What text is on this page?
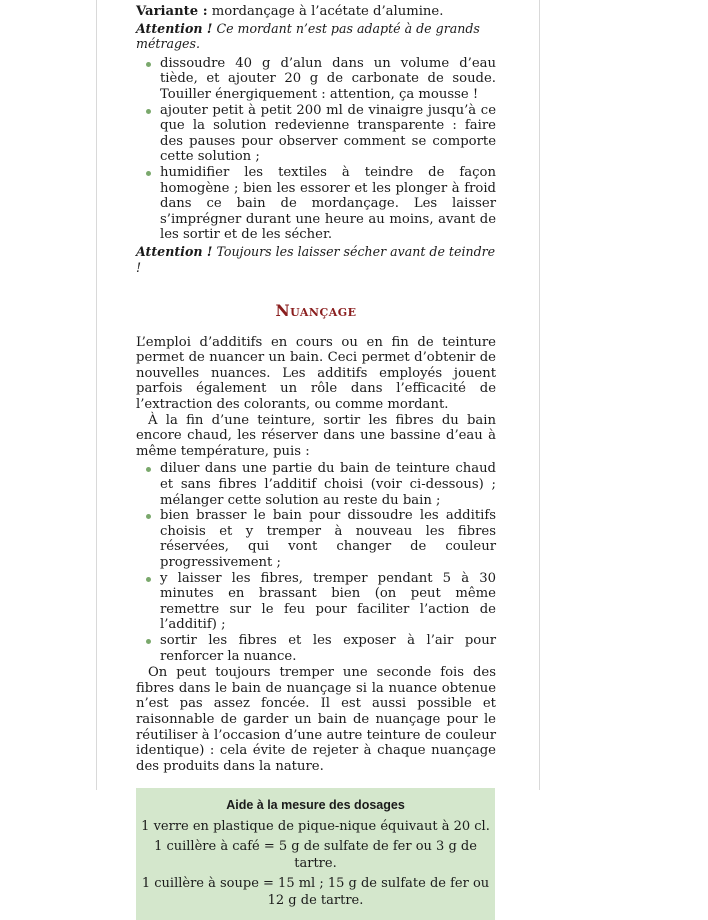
Variante : mordançage à l’acétate d’alumine.

Attention ! Ce mordant n’est pas adapté à de grands métrages.

dissoudre 40 g d’alun dans un volume d’eau tiède, et ajouter 20 g de carbonate de soude. Touiller énergiquement : attention, ça mousse !
ajouter petit à petit 200 ml de vinaigre jusqu’à ce que la solution redevienne transparente : faire des pauses pour observer comment se comporte cette solution ;
humidifier les textiles à teindre de façon homogène ; bien les essorer et les plonger à froid dans ce bain de mordançage. Les laisser s’imprégner durant une heure au moins, avant de les sortir et de les sécher.

Attention ! Toujours les laisser sécher avant de teindre !

Nuançage

L’emploi d’additifs en cours ou en fin de teinture permet de nuancer un bain. Ceci permet d’obtenir de nouvelles nuances. Les additifs employés jouent parfois également un rôle dans l’efficacité de l’extraction des colorants, ou comme mordant.

À la fin d’une teinture, sortir les fibres du bain encore chaud, les réserver dans une bassine d’eau à même température, puis :

diluer dans une partie du bain de teinture chaud et sans fibres l’additif choisi (voir ci-dessous) ; mélanger cette solution au reste du bain ;
bien brasser le bain pour dissoudre les additifs choisis et y tremper à nouveau les fibres réservées, qui vont changer de couleur progressivement ;
y laisser les fibres, tremper pendant 5 à 30 minutes en brassant bien (on peut même remettre sur le feu pour faciliter l’action de l’additif) ;
sortir les fibres et les exposer à l’air pour renforcer la nuance.

On peut toujours tremper une seconde fois des fibres dans le bain de nuançage si la nuance obtenue n’est pas assez foncée. Il est aussi possible et raisonnable de garder un bain de nuançage pour le réutiliser à l’occasion d’une autre teinture de couleur identique) : cela évite de rejeter à chaque nuançage des produits dans la nature.

Aide à la mesure des dosages
1 verre en plastique de pique-nique équivaut à 20 cl.
1 cuillère à café = 5 g de sulfate de fer ou 3 g de tartre.
1 cuillère à soupe = 15 ml ; 15 g de sulfate de fer ou 12 g de tartre.
